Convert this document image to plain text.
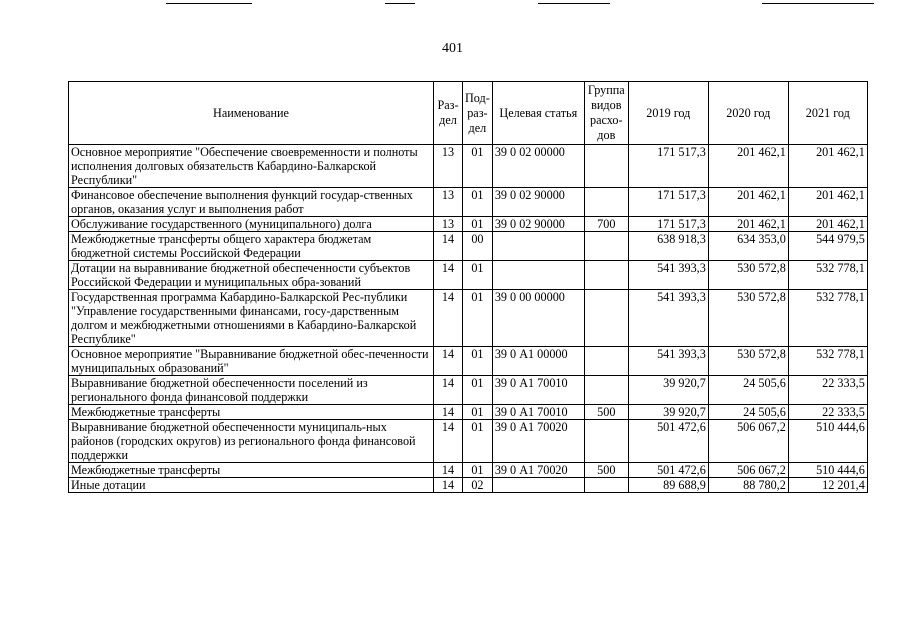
401
Наименование	Раз-дел	Под-раз-дел	Целевая статья	Группа видов расхо-дов	2019 год	2020 год	2021 год
Основное мероприятие "Обеспечение своевременности и полноты исполнения долговых обязательств Кабардино-Балкарской Республики"	13	01	39 0 02 00000		171 517,3	201 462,1	201 462,1
Финансовое обеспечение выполнения функций государ-ственных органов, оказания услуг и выполнения работ	13	01	39 0 02 90000		171 517,3	201 462,1	201 462,1
Обслуживание государственного (муниципального) долга	13	01	39 0 02 90000	700	171 517,3	201 462,1	201 462,1
Межбюджетные трансферты общего характера бюджетам бюджетной системы Российской Федерации	14	00			638 918,3	634 353,0	544 979,5
Дотации на выравнивание бюджетной обеспеченности субъектов Российской Федерации и муниципальных обра-зований	14	01			541 393,3	530 572,8	532 778,1
Государственная программа Кабардино-Балкарской Рес-публики "Управление государственными финансами, госу-дарственным долгом и межбюджетными отношениями в Кабардино-Балкарской Республике"	14	01	39 0 00 00000		541 393,3	530 572,8	532 778,1
Основное мероприятие "Выравнивание бюджетной обес-печенности муниципальных образований"	14	01	39 0 А1 00000		541 393,3	530 572,8	532 778,1
Выравнивание бюджетной обеспеченности поселений из регионального фонда финансовой поддержки	14	01	39 0 А1 70010		39 920,7	24 505,6	22 333,5
Межбюджетные трансферты	14	01	39 0 А1 70010	500	39 920,7	24 505,6	22 333,5
Выравнивание бюджетной обеспеченности муниципаль-ных районов (городских округов) из регионального фонда финансовой поддержки	14	01	39 0 А1 70020		501 472,6	506 067,2	510 444,6
Межбюджетные трансферты	14	01	39 0 А1 70020	500	501 472,6	506 067,2	510 444,6
Иные дотации	14	02			89 688,9	88 780,2	12 201,4
